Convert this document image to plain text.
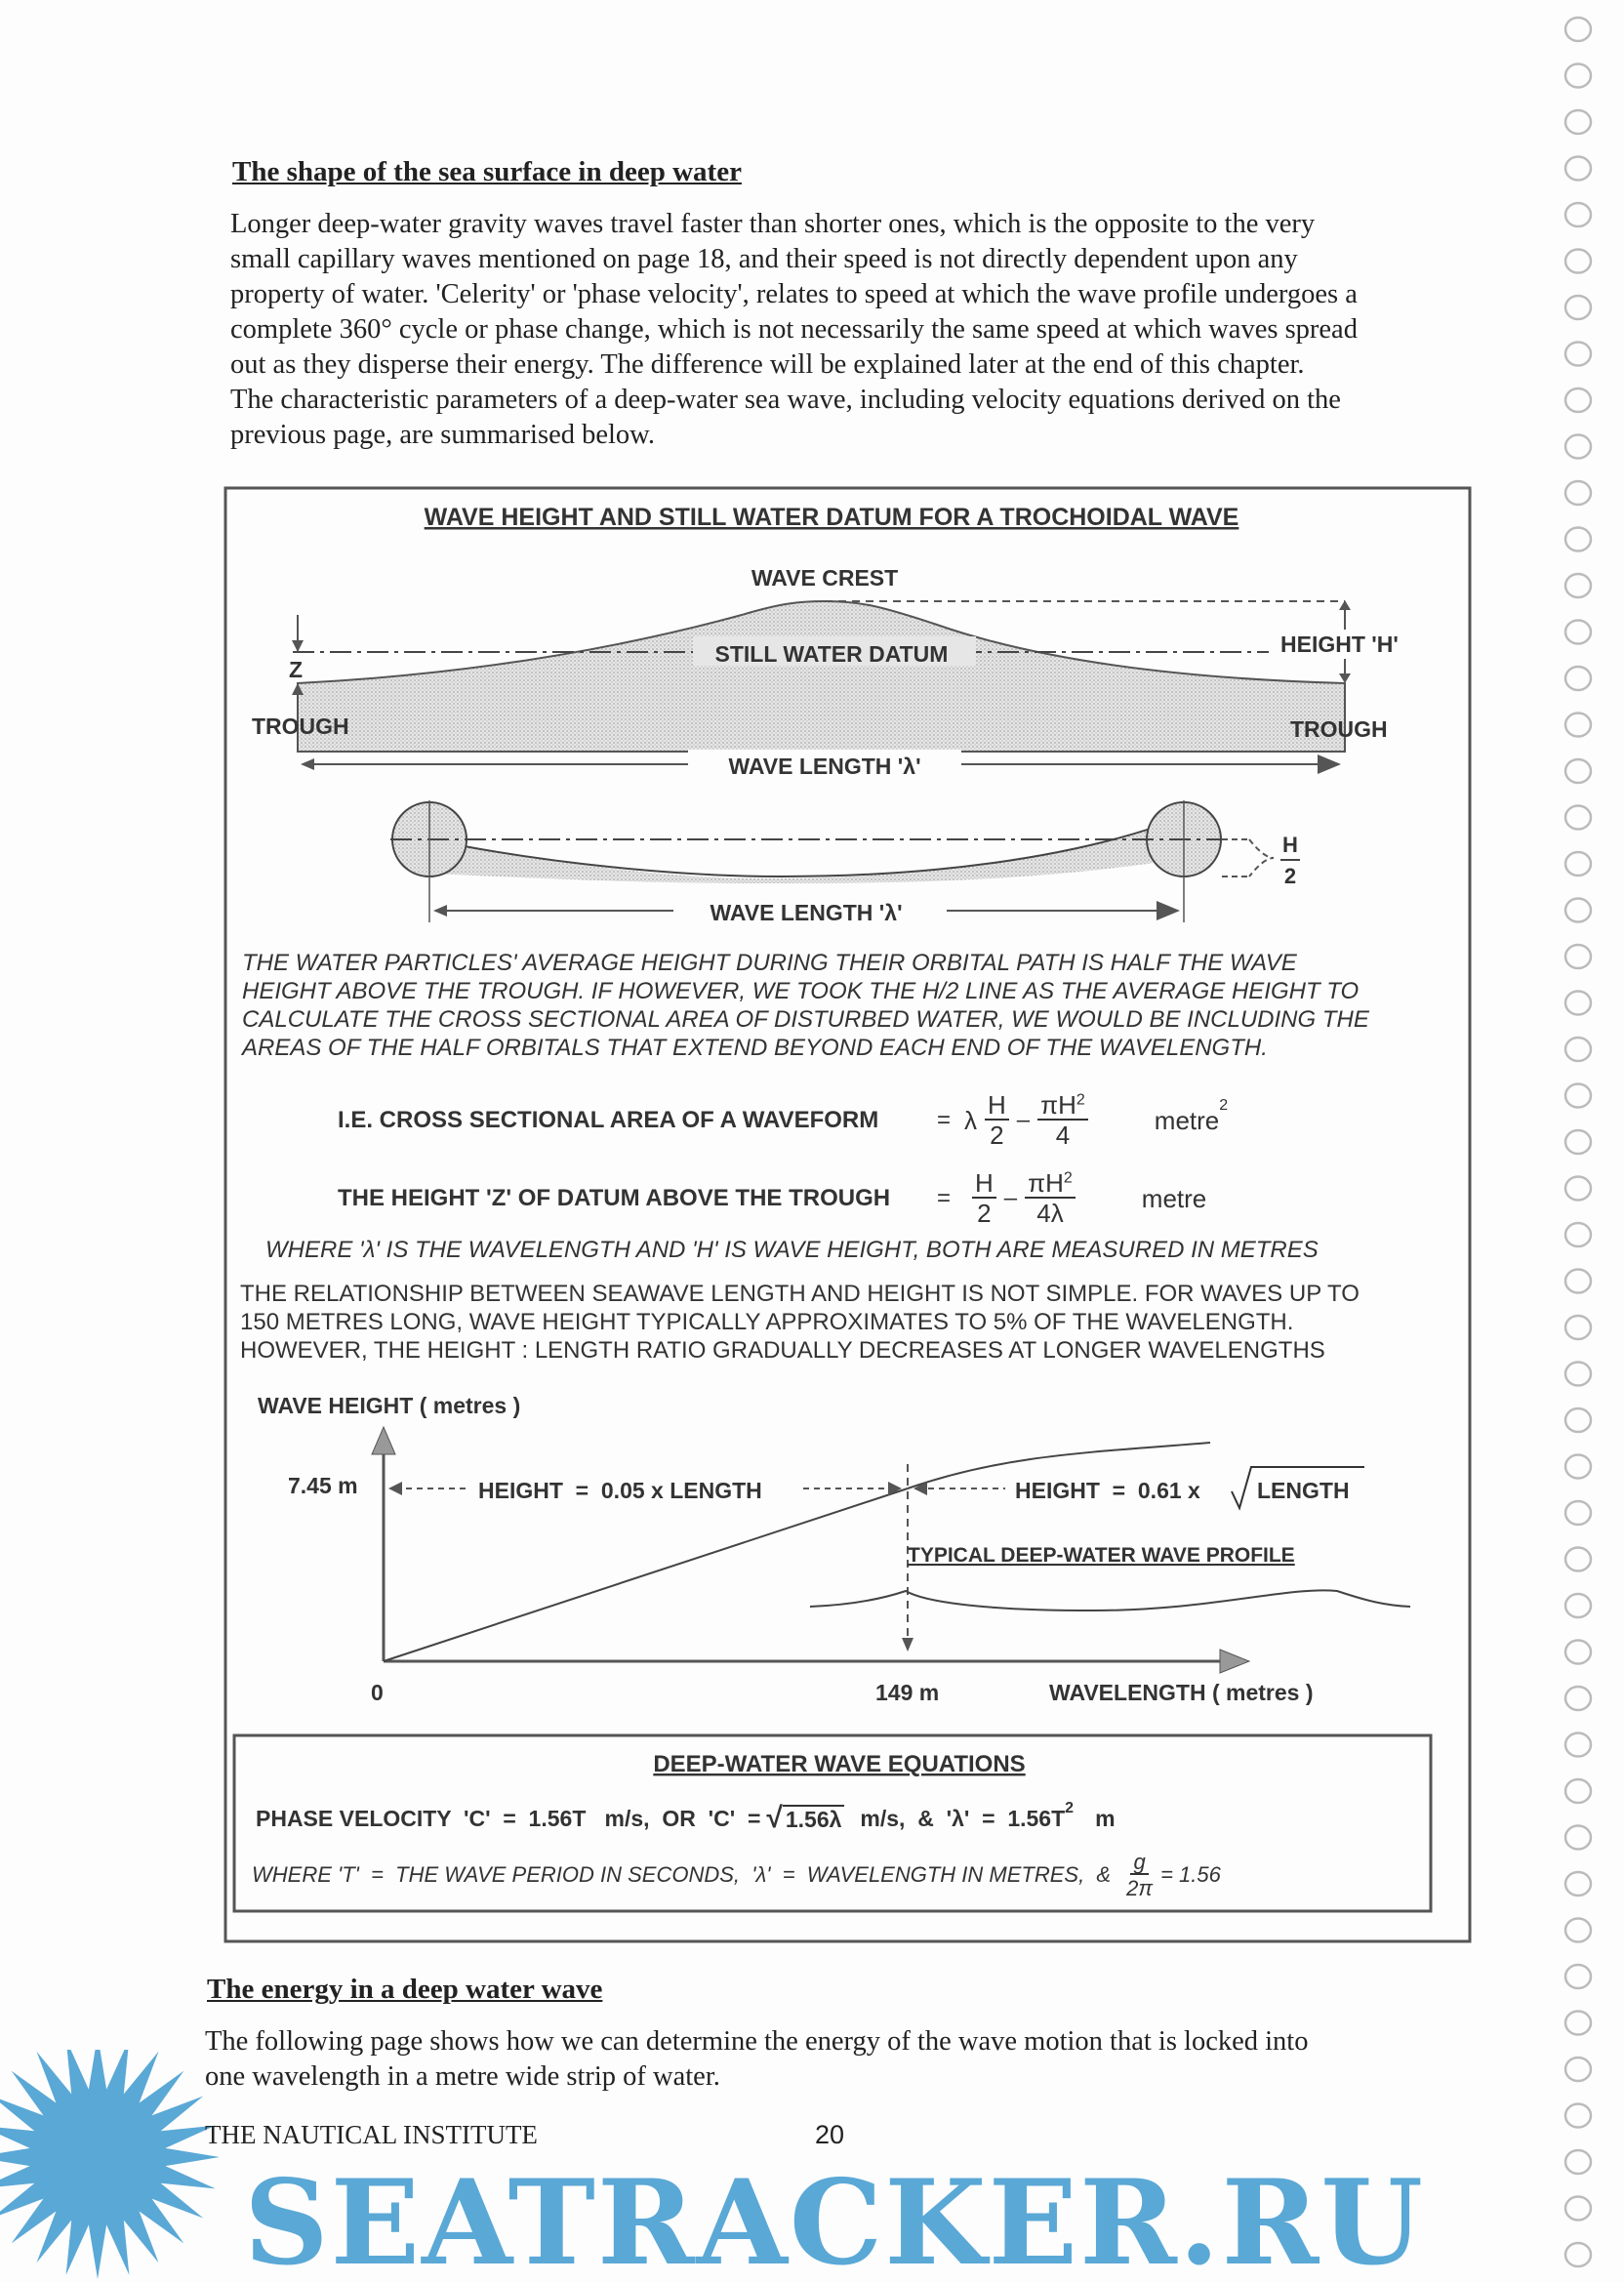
The shape of the sea surface in deep water

Longer deep-water gravity waves travel faster than shorter ones, which is the opposite to the very

small capillary waves mentioned on page 18, and their speed is not directly dependent upon any

property of water. 'Celerity' or 'phase velocity', relates to speed at which the wave profile undergoes a

complete 360° cycle or phase change, which is not necessarily the same speed at which waves spread

out as they disperse their energy. The difference will be explained later at the end of this chapter.

The characteristic parameters of a deep-water sea wave, including velocity equations derived on the

previous page, are summarised below.

WAVE HEIGHT AND STILL WATER DATUM FOR A TROCHOIDAL WAVE
WAVE CREST
STILL WATER DATUM	HEIGHT 'H'
Z
TROUGH	TROUGH
WAVE LENGTH 'λ'
H
2
WAVE LENGTH 'λ'
THE WATER PARTICLES' AVERAGE HEIGHT DURING THEIR ORBITAL PATH IS HALF THE WAVE
HEIGHT ABOVE THE TROUGH. IF HOWEVER, WE TOOK THE H/2 LINE AS THE AVERAGE HEIGHT TO
CALCULATE THE CROSS SECTIONAL AREA OF DISTURBED WATER, WE WOULD BE INCLUDING THE
AREAS OF THE HALF ORBITALS THAT EXTEND BEYOND EACH END OF THE WAVELENGTH.
WHERE 'λ' IS THE WAVELENGTH AND 'H' IS WAVE HEIGHT, BOTH ARE MEASURED IN METRES
THE RELATIONSHIP BETWEEN SEAWAVE LENGTH AND HEIGHT IS NOT SIMPLE. FOR WAVES UP TO
150 METRES LONG, WAVE HEIGHT TYPICALLY APPROXIMATES TO 5% OF THE WAVELENGTH.
HOWEVER, THE HEIGHT : LENGTH RATIO GRADUALLY DECREASES AT LONGER WAVELENGTHS
WAVE HEIGHT ( metres )
7.45 m	HEIGHT  =  0.05 x LENGTH	HEIGHT  =  0.61 x	LENGTH
TYPICAL DEEP-WATER WAVE PROFILE
0	149 m	WAVELENGTH ( metres )
DEEP-WATER WAVE EQUATIONS
I.E. CROSS SECTIONAL AREA OF A WAVEFORM	= λ $\frac{H}{2} - \frac{\pi H^2}{4}$	metre$^2$
THE HEIGHT 'Z' OF DATUM ABOVE THE TROUGH	= $\frac{H}{2} - \frac{\pi H^2}{4\lambda}$	metre
PHASE VELOCITY  'C'  =  1.56T   m/s,  OR  'C'  = √ 1.56λ m/s,  &  '$\lambda' = 1.56T^2$ m
WHERE 'T'  =  THE WAVE PERIOD IN SECONDS,  'λ'  =  WAVELENGTH IN METRES,  & $\frac{g}{2\pi} = 1.56$
The energy in a deep water wave

The following page shows how we can determine the energy of the wave motion that is locked into

one wavelength in a metre wide strip of water.

THE NAUTICAL INSTITUTE	20
SEATRACKER.RU
